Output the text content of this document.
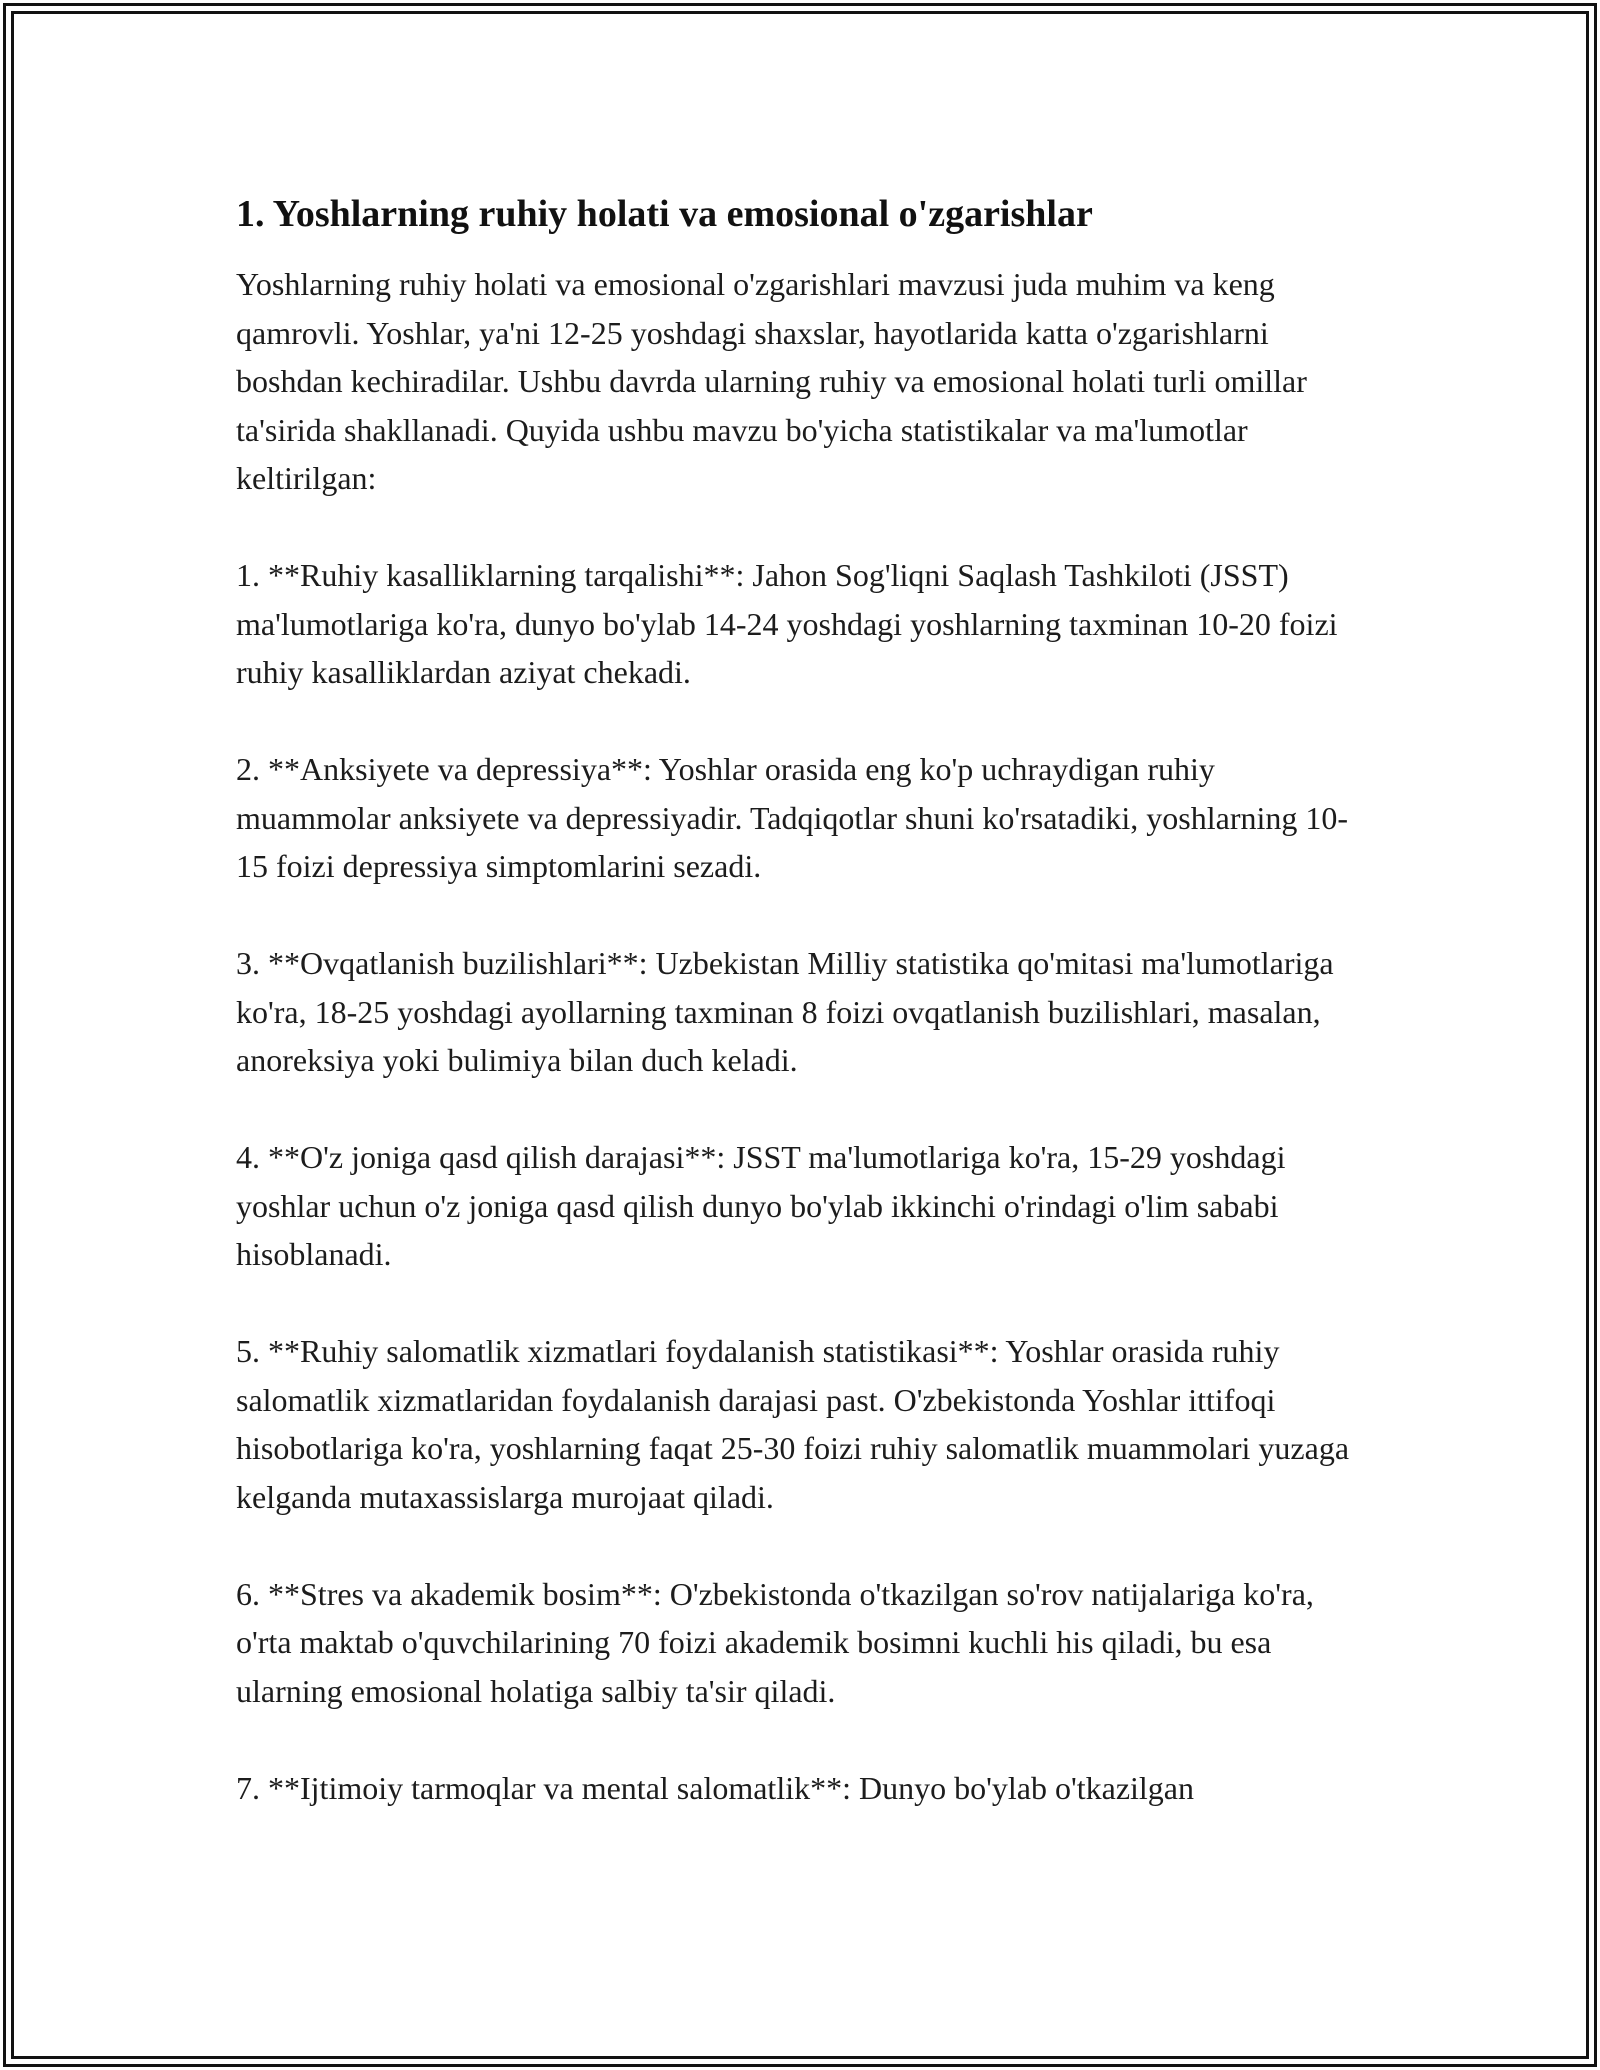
1. Yoshlarning ruhiy holati va emosional o'zgarishlar

Yoshlarning ruhiy holati va emosional o'zgarishlari mavzusi juda muhim va keng qamrovli. Yoshlar, ya'ni 12-25 yoshdagi shaxslar, hayotlarida katta o'zgarishlarni boshdan kechiradilar. Ushbu davrda ularning ruhiy va emosional holati turli omillar ta'sirida shakllanadi. Quyida ushbu mavzu bo'yicha statistikalar va ma'lumotlar keltirilgan:

1. **Ruhiy kasalliklarning tarqalishi**: Jahon Sog'liqni Saqlash Tashkiloti (JSST) ma'lumotlariga ko'ra, dunyo bo'ylab 14-24 yoshdagi yoshlarning taxminan 10-20 foizi ruhiy kasalliklardan aziyat chekadi.

2. **Anksiyete va depressiya**: Yoshlar orasida eng ko'p uchraydigan ruhiy muammolar anksiyete va depressiyadir. Tadqiqotlar shuni ko'rsatadiki, yoshlarning 10-15 foizi depressiya simptomlarini sezadi.

3. **Ovqatlanish buzilishlari**: Uzbekistan Milliy statistika qo'mitasi ma'lumotlariga ko'ra, 18-25 yoshdagi ayollarning taxminan 8 foizi ovqatlanish buzilishlari, masalan, anoreksiya yoki bulimiya bilan duch keladi.

4. **O'z joniga qasd qilish darajasi**: JSST ma'lumotlariga ko'ra, 15-29 yoshdagi yoshlar uchun o'z joniga qasd qilish dunyo bo'ylab ikkinchi o'rindagi o'lim sababi hisoblanadi.

5. **Ruhiy salomatlik xizmatlari foydalanish statistikasi**: Yoshlar orasida ruhiy salomatlik xizmatlaridan foydalanish darajasi past. O'zbekistonda Yoshlar ittifoqi hisobotlariga ko'ra, yoshlarning faqat 25-30 foizi ruhiy salomatlik muammolari yuzaga kelganda mutaxassislarga murojaat qiladi.

6. **Stres va akademik bosim**: O'zbekistonda o'tkazilgan so'rov natijalariga ko'ra, o'rta maktab o'quvchilarining 70 foizi akademik bosimni kuchli his qiladi, bu esa ularning emosional holatiga salbiy ta'sir qiladi.

7. **Ijtimoiy tarmoqlar va mental salomatlik**: Dunyo bo'ylab o'tkazilgan
